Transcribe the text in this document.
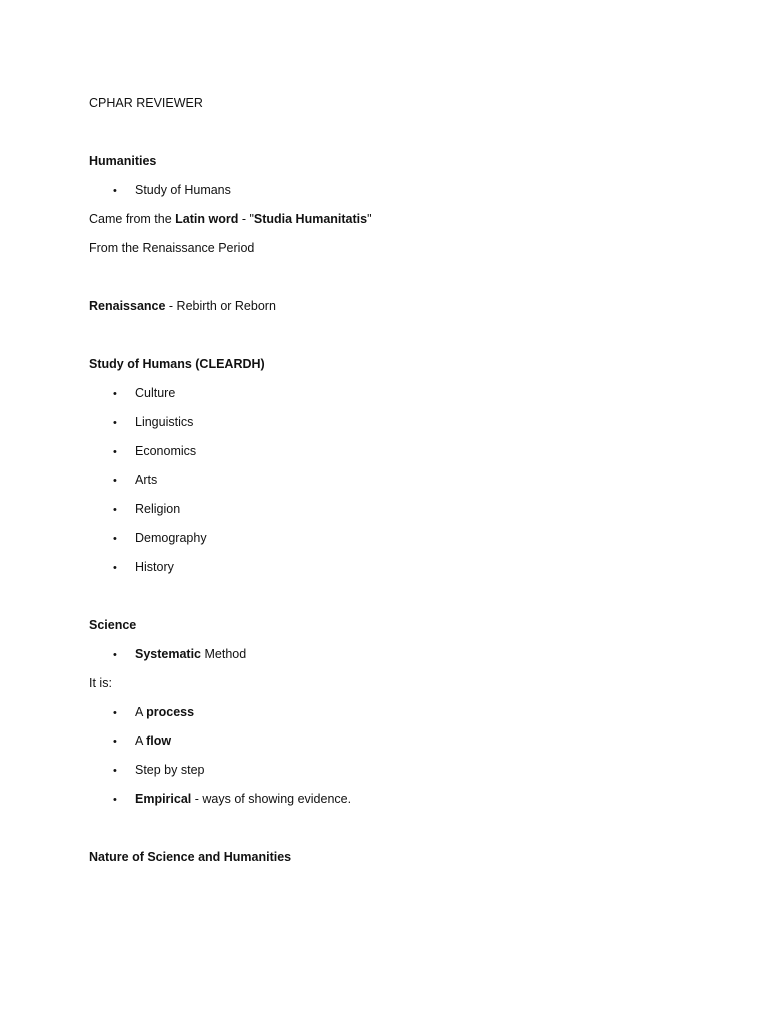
CPHAR REVIEWER
Humanities
• Study of Humans
Came from the Latin word - "Studia Humanitatis"
From the Renaissance Period
Renaissance - Rebirth or Reborn
Study of Humans (CLEARDH)
• Culture
• Linguistics
• Economics
• Arts
• Religion
• Demography
• History
Science
• Systematic Method
It is:
• A process
• A flow
• Step by step
• Empirical - ways of showing evidence.
Nature of Science and Humanities
